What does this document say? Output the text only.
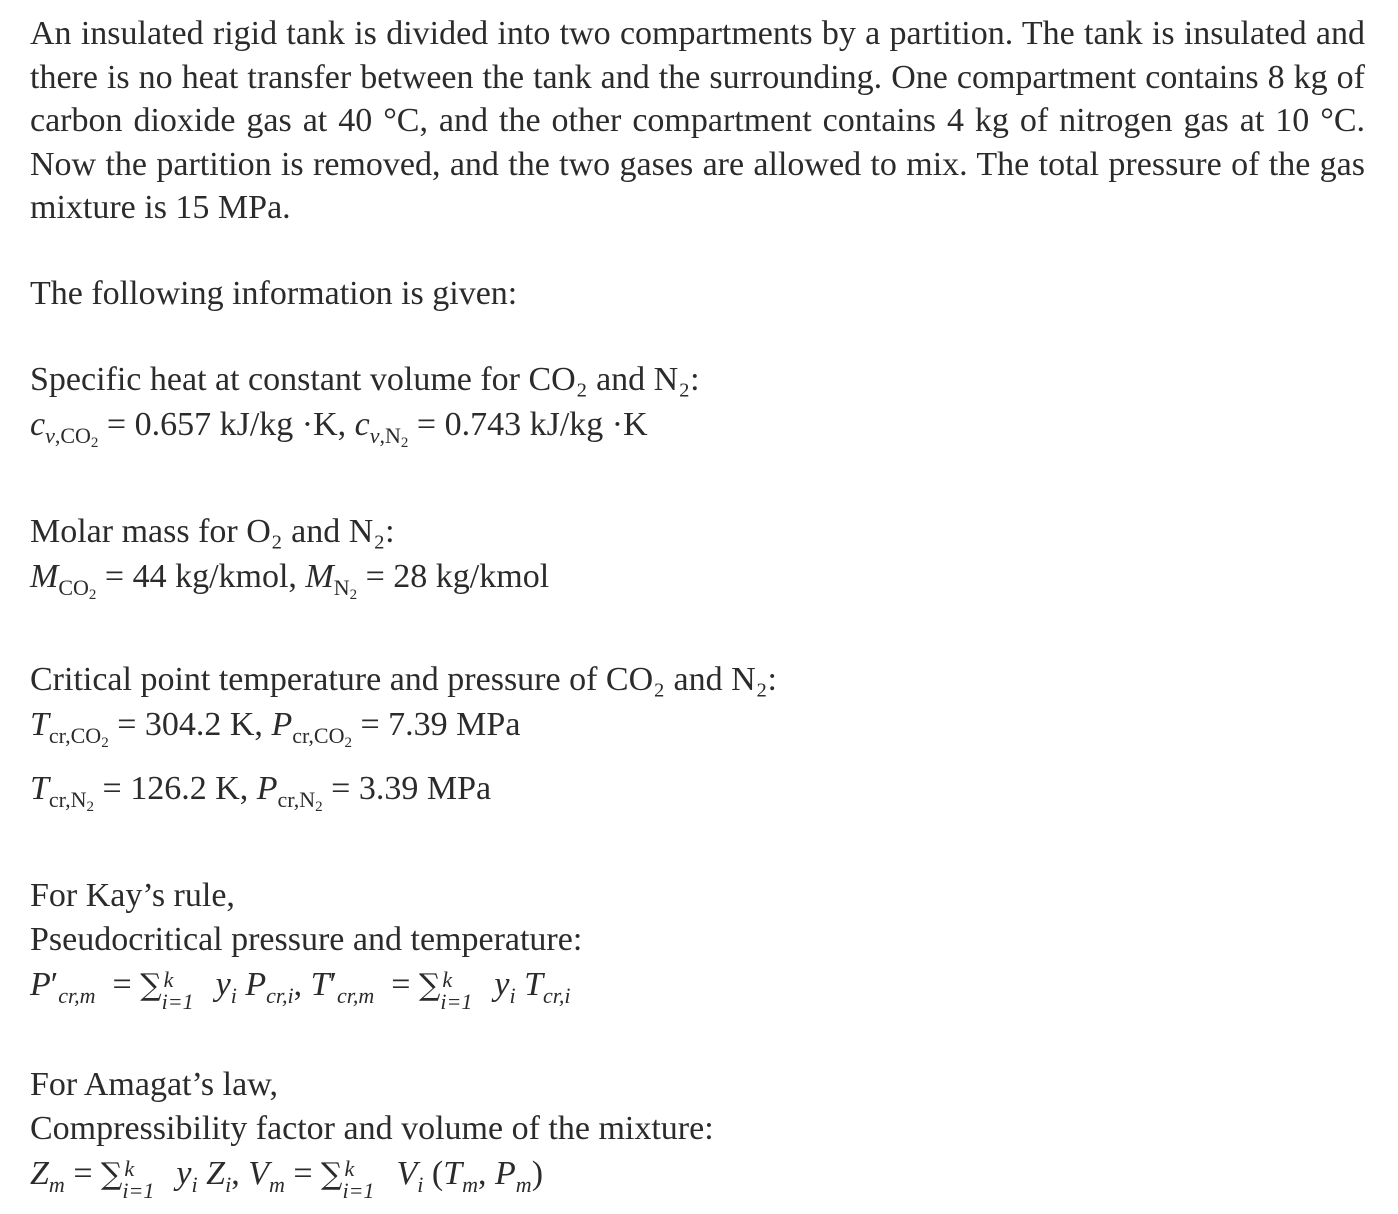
An insulated rigid tank is divided into two compartments by a partition. The tank is insulated and there is no heat transfer between the tank and the surrounding. One compartment contains 8 kg of carbon dioxide gas at 40 °C, and the other compartment contains 4 kg of nitrogen gas at 10 °C. Now the partition is removed, and the two gases are allowed to mix. The total pressure of the gas mixture is 15 MPa.

The following information is given:

Specific heat at constant volume for CO₂ and N₂:

$c_{v,CO2} = 0.657$ kJ/kg ·K, $c_{v,N2} = 0.743$ kJ/kg ·K

Molar mass for O₂ and N₂:

$M_{CO2} = 44$ kg/kmol, $M_{N2} = 28$ kg/kmol

Critical point temperature and pressure of CO₂ and N₂:

$T_{cr,CO2} = 304.2$ K, $P_{cr,CO2} = 7.39$ MPa

$T_{cr,N2} = 126.2$ K, $P_{cr,N2} = 3.39$ MPa

For Kay’s rule,

Pseudocritical pressure and temperature:

$P'_{cr,m}$  = ∑ k
i=1 $y_i$ $P_{cr,i}$, $T'_{cr,m}$  = ∑ k
i=1 $y_i$ $T_{cr,i}$

For Amagat’s law,

Compressibility factor and volume of the mixture:

$Z_m$ = ∑ k
i=1 $y_i$ $Z_i$, $V_m$ = ∑ k
i=1 $V_i$ ($T_m$, $P_m$)
